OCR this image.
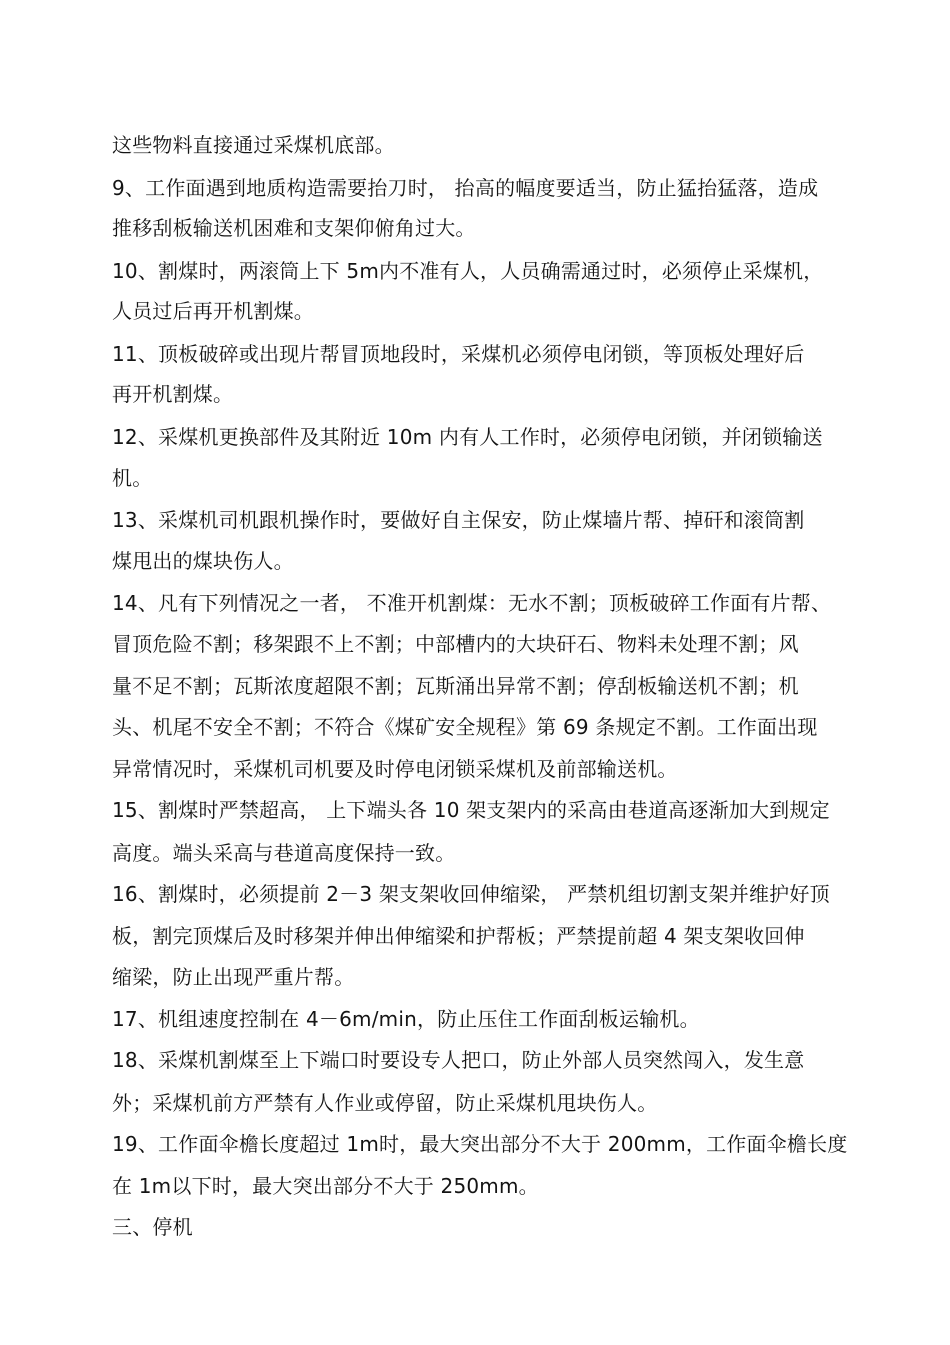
这些物料直接通过采煤机底部。
9、工作面遇到地质构造需要抬刀时， 抬高的幅度要适当，防止猛抬猛落，造成
推移刮板输送机困难和支架仰俯角过大。
10、割煤时，两滚筒上下 5m内不准有人，人员确需通过时，必须停止采煤机，
人员过后再开机割煤。
11、顶板破碎或出现片帮冒顶地段时，采煤机必须停电闭锁，等顶板处理好后
再开机割煤。
12、采煤机更换部件及其附近 10m 内有人工作时，必须停电闭锁，并闭锁输送
机。
13、采煤机司机跟机操作时，要做好自主保安，防止煤墙片帮、掉矸和滚筒割
煤甩出的煤块伤人。
14、凡有下列情况之一者， 不准开机割煤：无水不割；顶板破碎工作面有片帮、
冒顶危险不割；移架跟不上不割；中部槽内的大块矸石、物料未处理不割；风
量不足不割；瓦斯浓度超限不割；瓦斯涌出异常不割；停刮板输送机不割；机
头、机尾不安全不割；不符合《煤矿安全规程》第 69 条规定不割。工作面出现
异常情况时，采煤机司机要及时停电闭锁采煤机及前部输送机。
15、割煤时严禁超高， 上下端头各 10 架支架内的采高由巷道高逐渐加大到规定
高度。端头采高与巷道高度保持一致。
16、割煤时，必须提前 2－3 架支架收回伸缩梁， 严禁机组切割支架并维护好顶
板，割完顶煤后及时移架并伸出伸缩梁和护帮板；严禁提前超 4 架支架收回伸
缩梁，防止出现严重片帮。
17、机组速度控制在 4－6m/min，防止压住工作面刮板运输机。
18、采煤机割煤至上下端口时要设专人把口，防止外部人员突然闯入，发生意
外；采煤机前方严禁有人作业或停留，防止采煤机甩块伤人。
19、工作面伞檐长度超过 1m时，最大突出部分不大于 200mm，工作面伞檐长度
在 1m以下时，最大突出部分不大于 250mm。
三、停机
